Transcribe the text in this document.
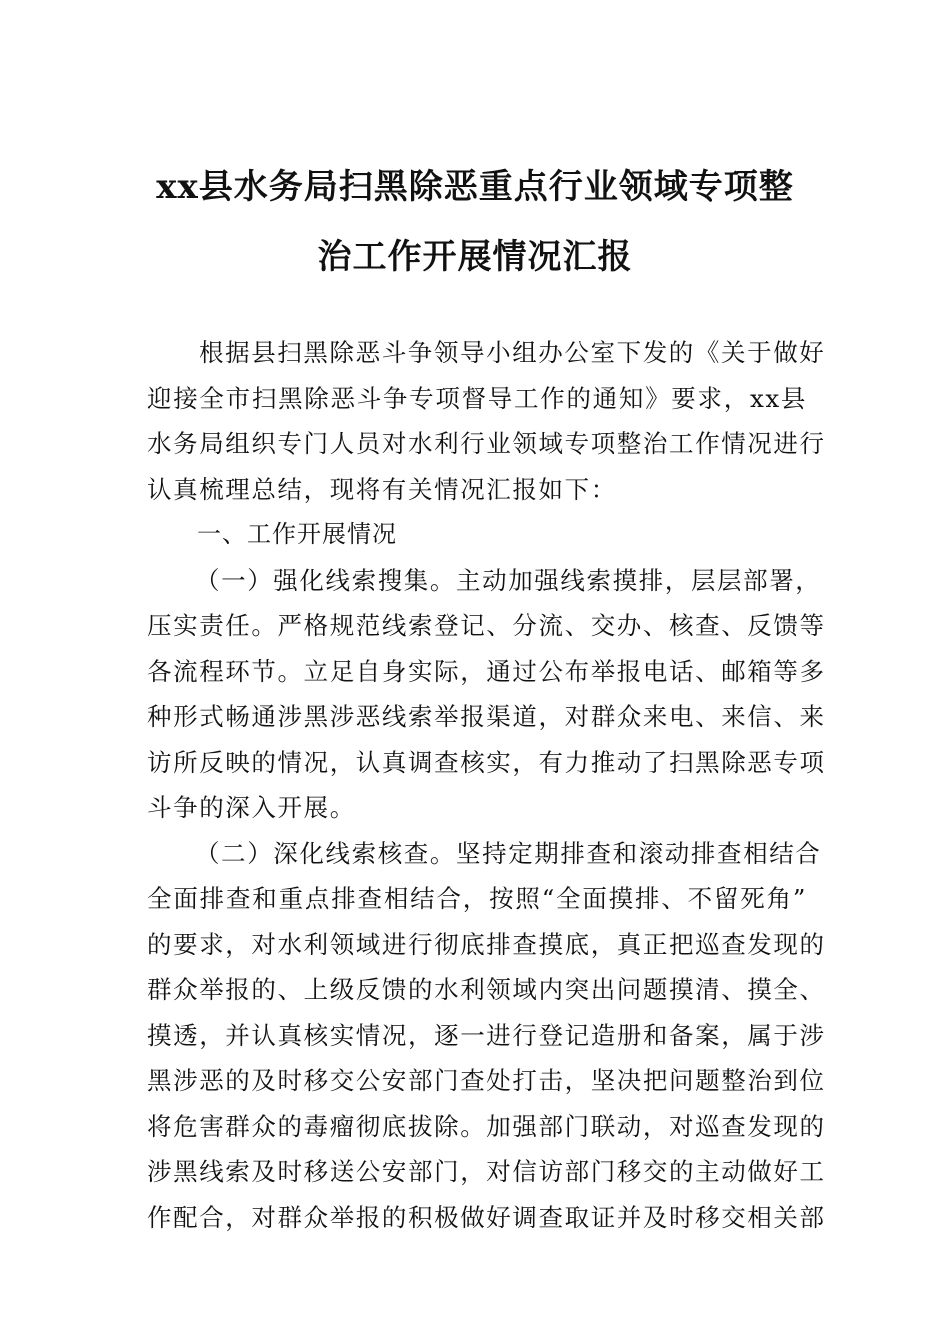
xx县水务局扫黑除恶重点行业领域专项整
治工作开展情况汇报
根据县扫黑除恶斗争领导小组办公室下发的《关于做好
迎接全市扫黑除恶斗争专项督导工作的通知》要求，xx县
水务局组织专门人员对水利行业领域专项整治工作情况进行
认真梳理总结，现将有关情况汇报如下：
一、工作开展情况
（一）强化线索搜集。主动加强线索摸排，层层部署，
压实责任。严格规范线索登记、分流、交办、核查、反馈等
各流程环节。立足自身实际，通过公布举报电话、邮箱等多
种形式畅通涉黑涉恶线索举报渠道，对群众来电、来信、来
访所反映的情况，认真调查核实，有力推动了扫黑除恶专项
斗争的深入开展。
（二）深化线索核查。坚持定期排查和滚动排查相结合
全面排查和重点排查相结合，按照“全面摸排、不留死角”
的要求，对水利领域进行彻底排查摸底，真正把巡查发现的
群众举报的、上级反馈的水利领域内突出问题摸清、摸全、
摸透，并认真核实情况，逐一进行登记造册和备案，属于涉
黑涉恶的及时移交公安部门查处打击，坚决把问题整治到位
将危害群众的毒瘤彻底拔除。加强部门联动，对巡查发现的
涉黑线索及时移送公安部门，对信访部门移交的主动做好工
作配合，对群众举报的积极做好调查取证并及时移交相关部
